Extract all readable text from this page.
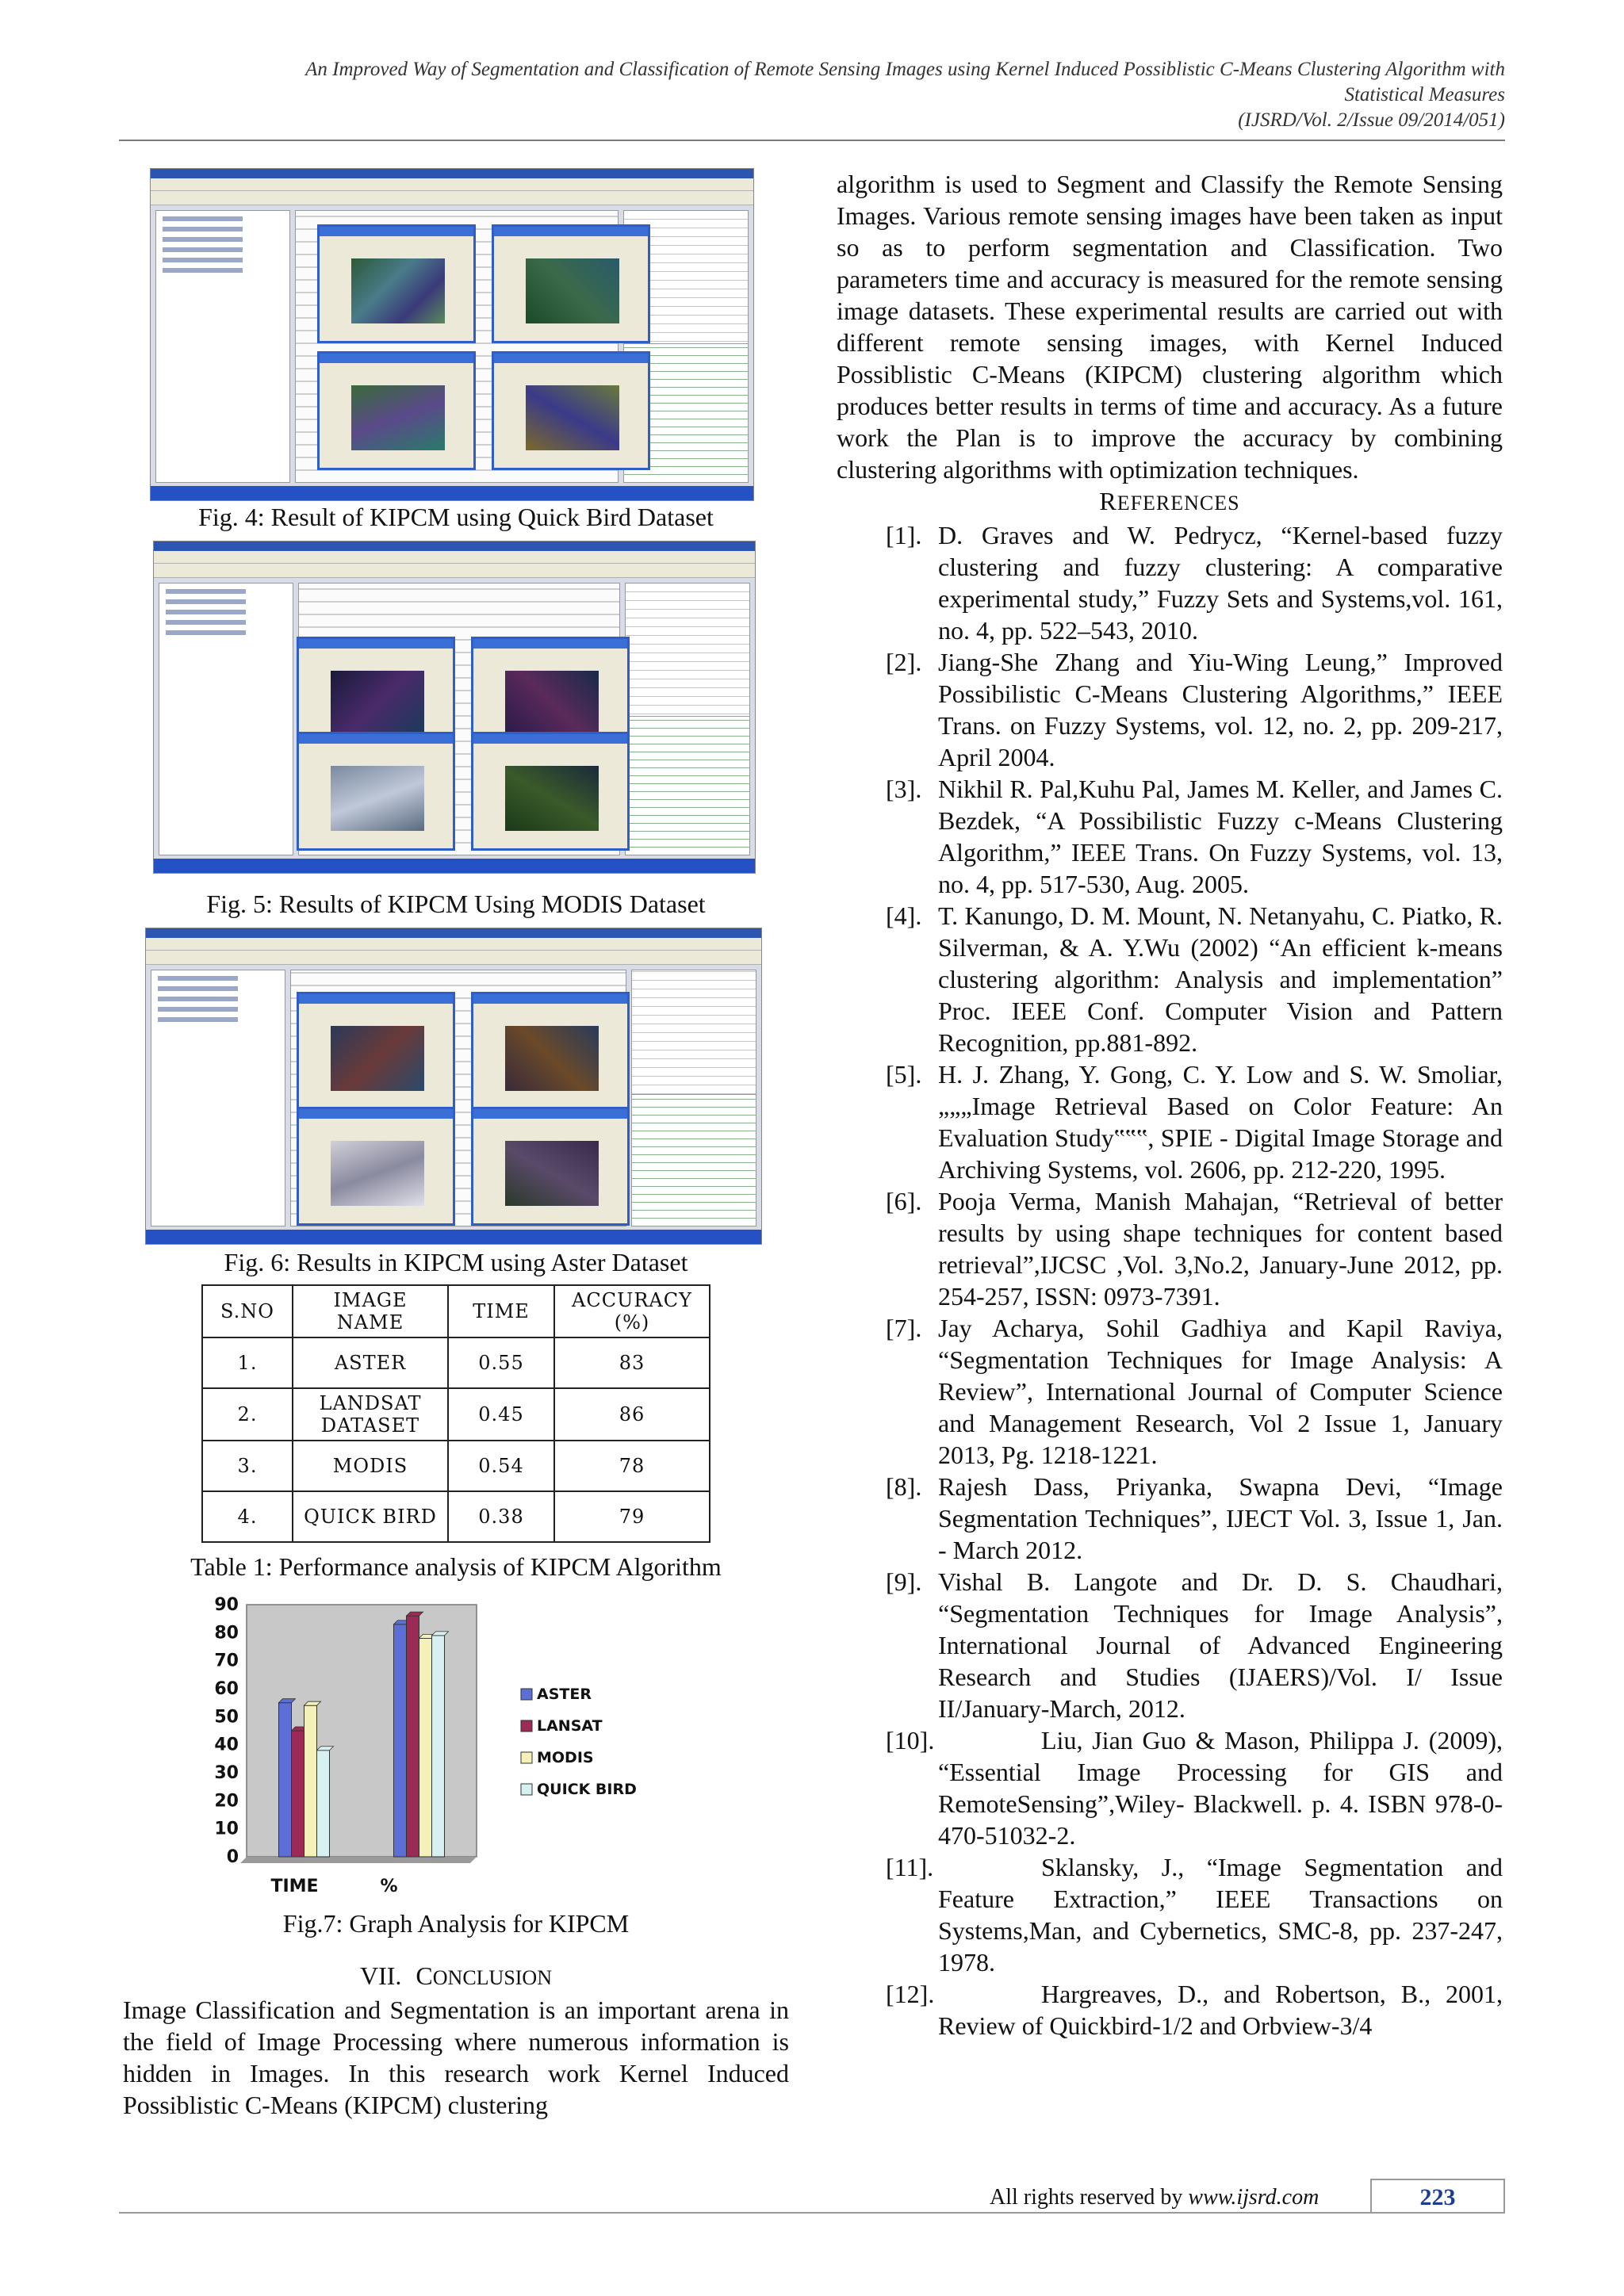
An Improved Way of Segmentation and Classification of Remote Sensing Images using Kernel Induced Possiblistic C-Means Clustering Algorithm with
Statistical Measures
(IJSRD/Vol. 2/Issue 09/2014/051)
Fig. 4: Result of KIPCM using Quick Bird Dataset
Fig. 5: Results of KIPCM Using MODIS Dataset
Fig. 6: Results in KIPCM using Aster Dataset
S.NO	IMAGE NAME	TIME	ACCURACY (%)
1.	ASTER	0.55	83
2.	LANDSAT DATASET	0.45	86
3.	MODIS	0.54	78
4.	QUICK BIRD	0.38	79
Table 1: Performance analysis of KIPCM Algorithm
0
10
20
30
40
50
60
70
80
90
TIME	%
ASTER
LANSAT
MODIS
QUICK BIRD
Fig.7: Graph Analysis for KIPCM
VII. CONCLUSION

Image Classification and Segmentation is an important arena in the field of Image Processing where numerous information is hidden in Images. In this research work Kernel Induced Possiblistic C-Means (KIPCM) clustering

algorithm is used to Segment and Classify the Remote Sensing Images. Various remote sensing images have been taken as input so as to perform segmentation and Classification. Two parameters time and accuracy is measured for the remote sensing image datasets. These experimental results are carried out with different remote sensing images, with Kernel Induced Possiblistic C-Means (KIPCM) clustering algorithm which produces better results in terms of time and accuracy. As a future work the Plan is to improve the accuracy by combining clustering algorithms with optimization techniques.

REFERENCES
[1]. D. Graves and W. Pedrycz, “Kernel-based fuzzy clustering and fuzzy clustering: A comparative experimental study,” Fuzzy Sets and Systems,vol. 161, no. 4, pp. 522–543, 2010.
[2]. Jiang-She Zhang and Yiu-Wing Leung,” Improved Possibilistic C-Means Clustering Algorithms,” IEEE Trans. on Fuzzy Systems, vol. 12, no. 2, pp. 209-217, April 2004.
[3]. Nikhil R. Pal,Kuhu Pal, James M. Keller, and James C. Bezdek, “A Possibilistic Fuzzy c-Means Clustering Algorithm,” IEEE Trans. On Fuzzy Systems, vol. 13, no. 4, pp. 517-530, Aug. 2005.
[4]. T. Kanungo, D. M. Mount, N. Netanyahu, C. Piatko, R. Silverman, & A. Y.Wu (2002) “An efficient k-means clustering algorithm: Analysis and implementation” Proc. IEEE Conf. Computer Vision and Pattern Recognition, pp.881-892.
[5]. H. J. Zhang, Y. Gong, C. Y. Low and S. W. Smoliar, „„„Image Retrieval Based on Color Feature: An Evaluation Study‟‟‟, SPIE - Digital Image Storage and Archiving Systems, vol. 2606, pp. 212-220, 1995.
[6]. Pooja Verma, Manish Mahajan, “Retrieval of better results by using shape techniques for content based retrieval”,IJCSC ,Vol. 3,No.2, January-June 2012, pp. 254-257, ISSN: 0973-7391.
[7]. Jay Acharya, Sohil Gadhiya and Kapil Raviya, “Segmentation Techniques for Image Analysis: A Review”, International Journal of Computer Science and Management Research, Vol 2 Issue 1, January 2013, Pg. 1218-1221.
[8]. Rajesh Dass, Priyanka, Swapna Devi, “Image Segmentation Techniques”, IJECT Vol. 3, Issue 1, Jan. - March 2012.
[9]. Vishal B. Langote and Dr. D. S. Chaudhari, “Segmentation Techniques for Image Analysis”, International Journal of Advanced Engineering Research and Studies (IJAERS)/Vol. I/ Issue II/January-March, 2012.
[10].	Liu, Jian Guo & Mason, Philippa J. (2009), “Essential Image Processing for GIS and RemoteSensing”,Wiley- Blackwell. p. 4. ISBN 978-0-470-51032-2.
[11].	Sklansky, J., “Image Segmentation and Feature Extraction,” IEEE Transactions on Systems,Man, and Cybernetics, SMC-8, pp. 237-247, 1978.
[12].	Hargreaves, D., and Robertson, B., 2001, Review of Quickbird-1/2 and Orbview-3/4
All rights reserved by www.ijsrd.com	223
